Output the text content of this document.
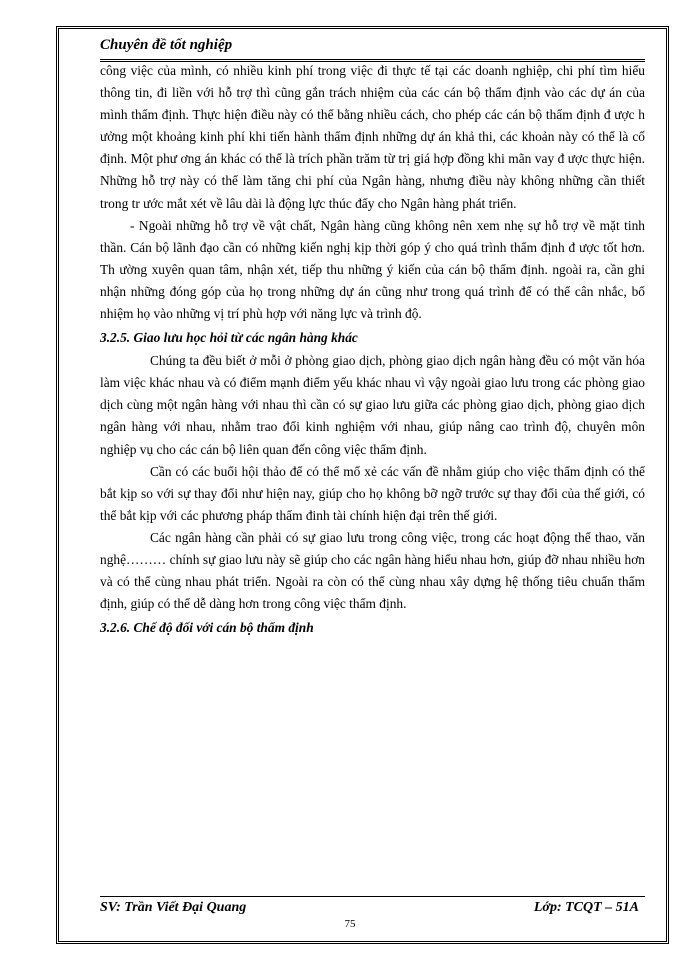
Chuyên đề tốt nghiệp

công việc của mình, có nhiều kinh phí trong việc đi thực tế tại các doanh nghiệp, chi phí tìm hiểu thông tin, đi liền với hỗ trợ thì cũng gắn trách nhiệm của các cán bộ thẩm định vào các dự án của mình thẩm định. Thực hiện điều này có thể bằng nhiều cách, cho phép các cán bộ thẩm định đ ược h ưởng một khoảng kinh phí khi tiến hành thẩm định những dự án khả thi, các khoản này có thể là cố định. Một phư ơng án khác có thể là trích phần trăm từ trị giá hợp đồng khi mãn vay đ ược thực hiện. Những hỗ trợ này có thể làm tăng chi phí của Ngân hàng, nhưng điều này không những cần thiết trong tr ước mắt xét về lâu dài là động lực thúc đẩy cho Ngân hàng phát triển.

- Ngoài những hỗ trợ về vật chất, Ngân hàng cũng không nên xem nhẹ sự hỗ trợ về mặt tinh thần. Cán bộ lãnh đạo cần có những kiến nghị kịp thời góp ý cho quá trình thẩm định đ ược tốt hơn. Th ường xuyên quan tâm, nhận xét, tiếp thu những ý kiến của cán bộ thẩm định. ngoài ra, cần ghi nhận những đóng góp của họ trong những dự án cũng như trong quá trình để có thể cân nhắc, bổ nhiệm họ vào những vị trí phù hợp với năng lực và trình độ.

3.2.5. Giao lưu học hỏi từ các ngân hàng khác

Chúng ta đều biết ở mỗi ở phòng giao dịch, phòng giao dịch ngân hàng đều có một văn hóa làm việc khác nhau và có điểm mạnh điểm yếu khác nhau vì vậy ngoài giao lưu trong các phòng giao dịch cùng một ngân hàng với nhau thì cần có sự giao lưu giữa các phòng giao dịch, phòng giao dịch ngân hàng với nhau, nhằm trao đổi kinh nghiệm với nhau, giúp nâng cao trình độ, chuyên môn nghiệp vụ cho các cán bộ liên quan đến công việc thẩm định.

Cần có các buổi hội thảo để có thể mổ xẻ các vấn đề nhằm giúp cho việc thẩm định có thể bắt kịp so với sự thay đổi như hiện nay, giúp cho họ không bỡ ngỡ trước sự thay đổi của thế giới, có thể bắt kịp với các phương pháp thẩm đinh tài chính hiện đại trên thế giới.

Các ngân hàng cần phải có sự giao lưu trong công việc, trong các hoạt động thể thao, văn nghệ……… chính sự giao lưu này sẽ giúp cho các ngân hàng hiểu nhau hơn, giúp đỡ nhau nhiều hơn và có thể cùng nhau phát triển. Ngoài ra còn có thể cùng nhau xây dựng hệ thống tiêu chuẩn thẩm định, giúp có thể dễ dàng hơn trong công việc thẩm định.

3.2.6. Chế độ đối với cán bộ thẩm định
SV: Trần Viết Đại Quang	Lớp: TCQT – 51A
75
